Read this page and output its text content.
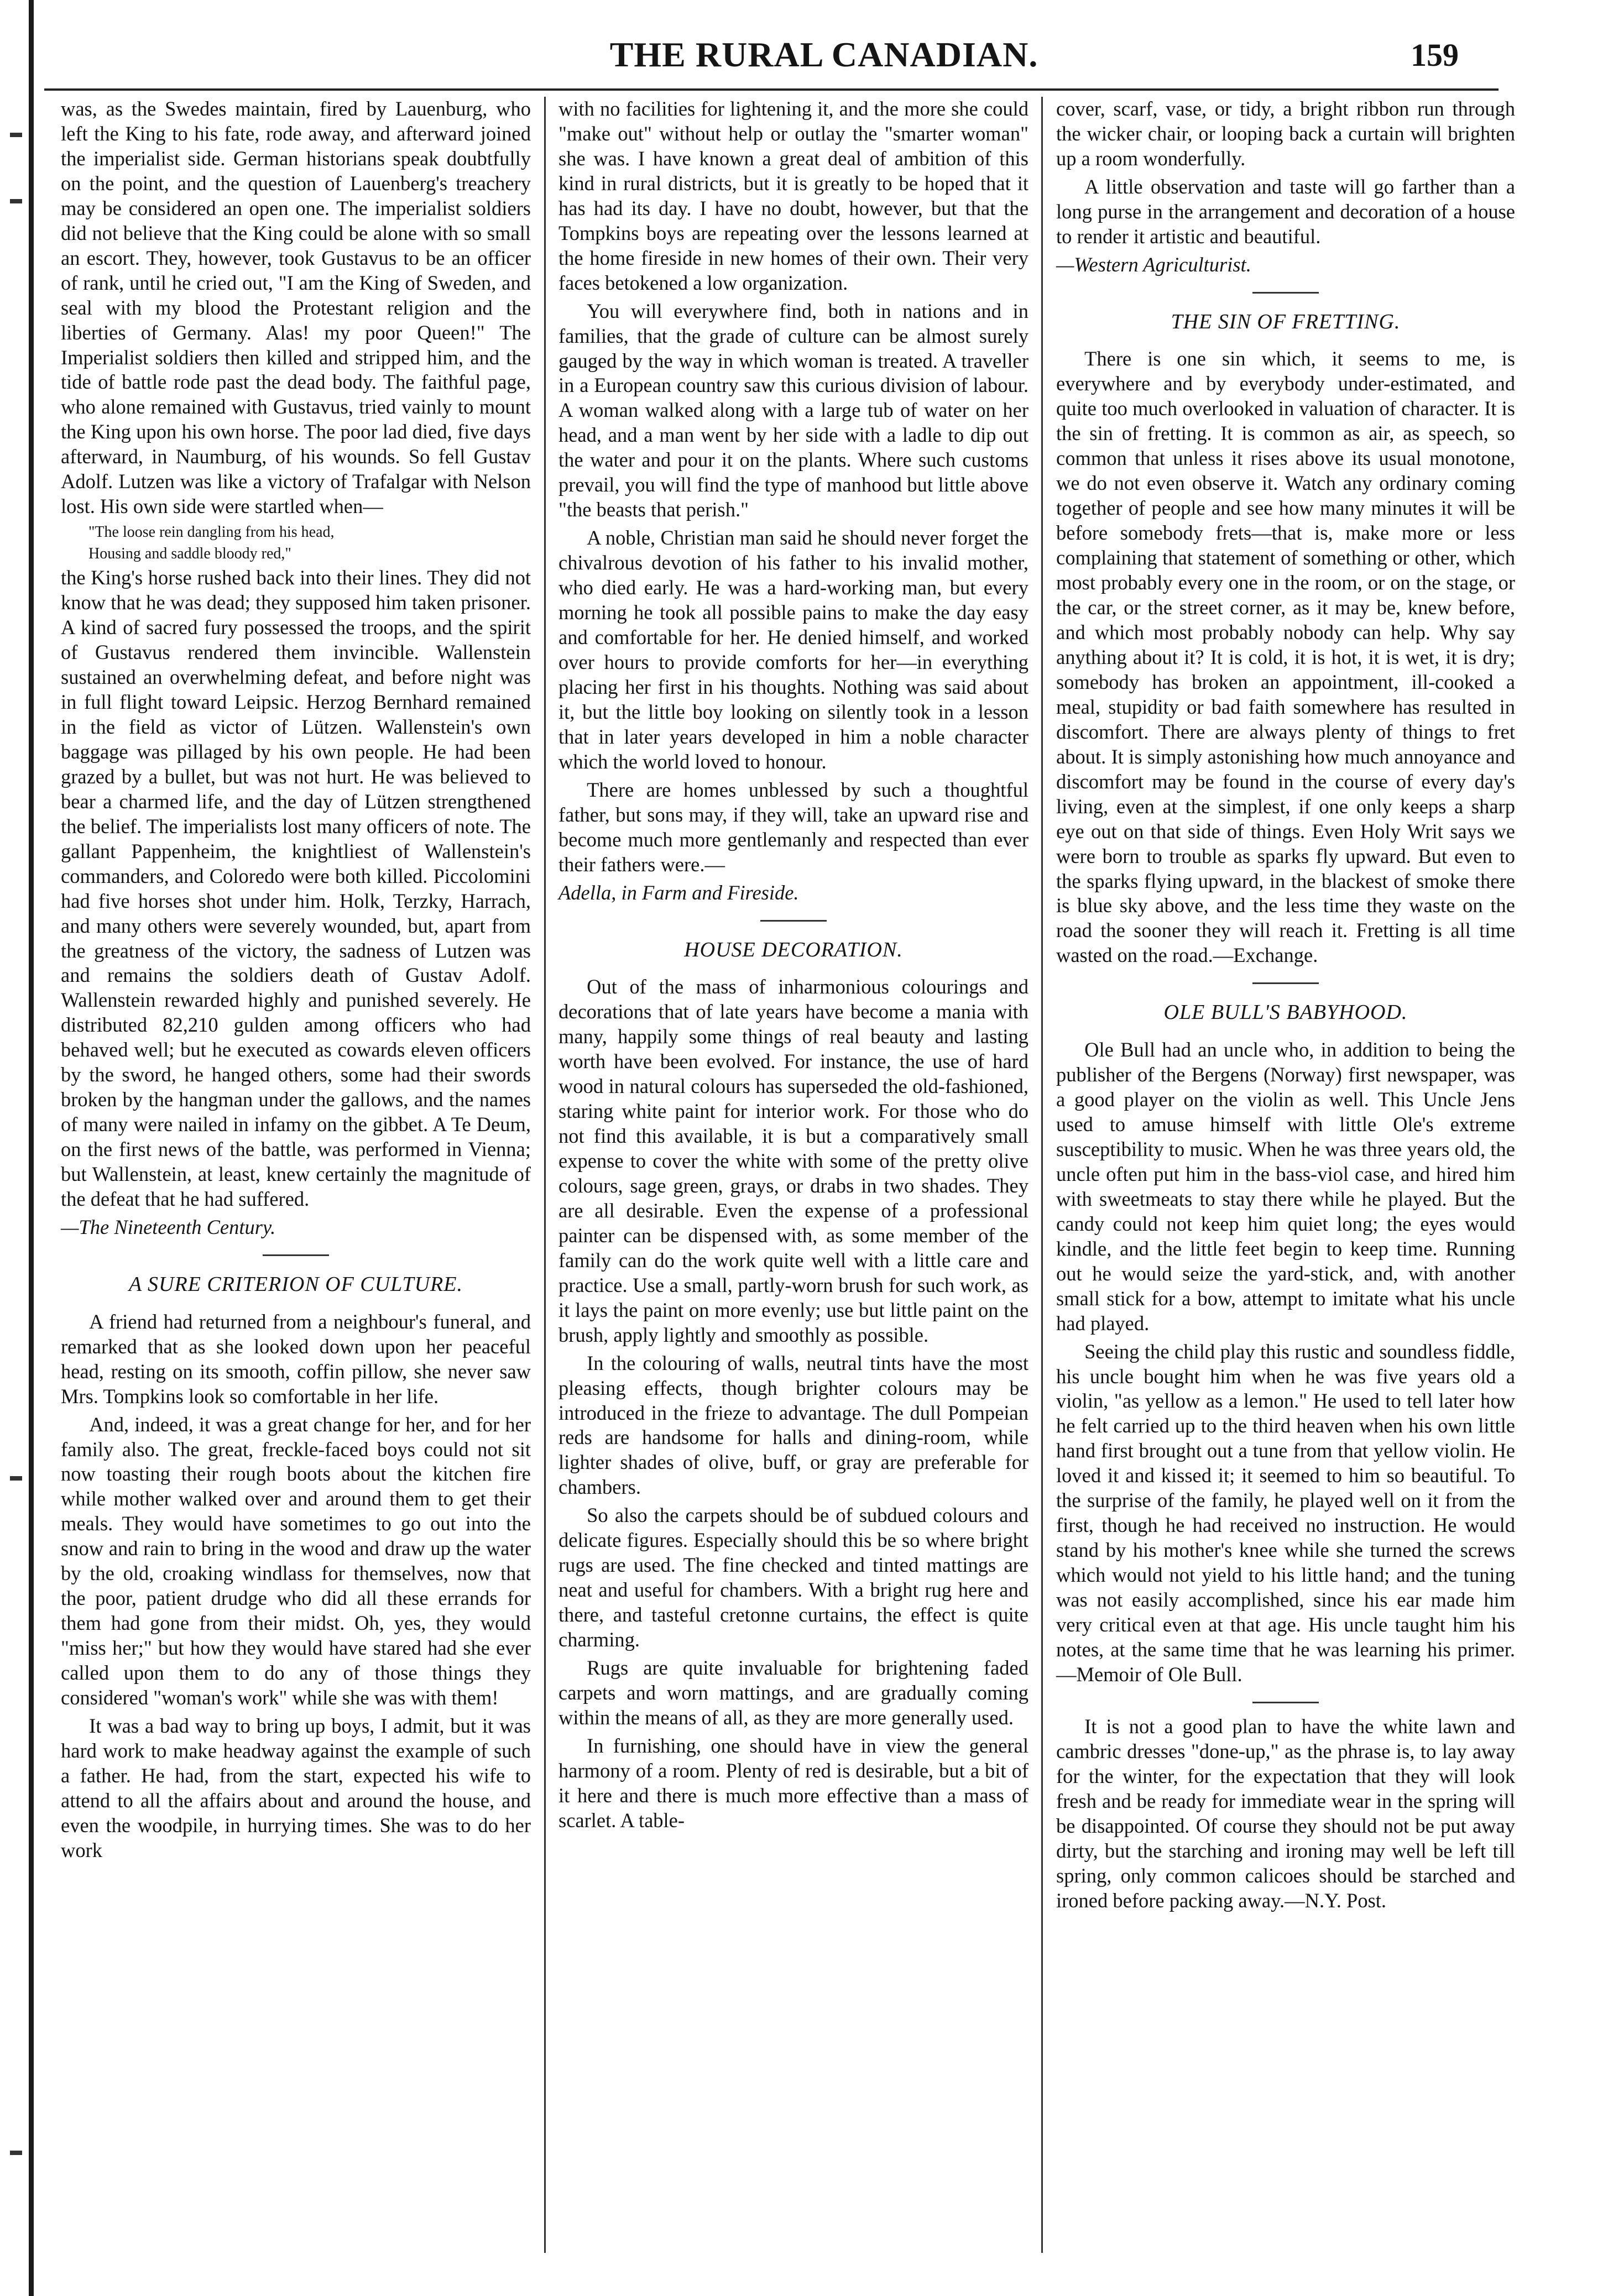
THE RURAL CANADIAN.	159

was, as the Swedes maintain, fired by Lauenburg, who left the King to his fate, rode away, and afterward joined the imperialist side. German historians speak doubtfully on the point, and the question of Lauenberg's treachery may be considered an open one. The imperialist soldiers did not believe that the King could be alone with so small an escort. They, however, took Gustavus to be an officer of rank, until he cried out, "I am the King of Sweden, and seal with my blood the Protestant religion and the liberties of Germany. Alas! my poor Queen!" The Imperialist soldiers then killed and stripped him, and the tide of battle rode past the dead body. The faithful page, who alone remained with Gustavus, tried vainly to mount the King upon his own horse. The poor lad died, five days afterward, in Naumburg, of his wounds. So fell Gustav Adolf. Lutzen was like a victory of Trafalgar with Nelson lost. His own side were startled when—

"The loose rein dangling from his head,

Housing and saddle bloody red,"

the King's horse rushed back into their lines. They did not know that he was dead; they supposed him taken prisoner. A kind of sacred fury possessed the troops, and the spirit of Gustavus rendered them invincible. Wallenstein sustained an overwhelming defeat, and before night was in full flight toward Leipsic. Herzog Bernhard remained in the field as victor of Lützen. Wallenstein's own baggage was pillaged by his own people. He had been grazed by a bullet, but was not hurt. He was believed to bear a charmed life, and the day of Lützen strengthened the belief. The imperialists lost many officers of note. The gallant Pappenheim, the knightliest of Wallenstein's commanders, and Coloredo were both killed. Piccolomini had five horses shot under him. Holk, Terzky, Harrach, and many others were severely wounded, but, apart from the greatness of the victory, the sadness of Lutzen was and remains the soldiers death of Gustav Adolf. Wallenstein rewarded highly and punished severely. He distributed 82,210 gulden among officers who had behaved well; but he executed as cowards eleven officers by the sword, he hanged others, some had their swords broken by the hangman under the gallows, and the names of many were nailed in infamy on the gibbet. A Te Deum, on the first news of the battle, was performed in Vienna; but Wallenstein, at least, knew certainly the magnitude of the defeat that he had suffered.

—The Nineteenth Century.

A SURE CRITERION OF CULTURE.

A friend had returned from a neighbour's funeral, and remarked that as she looked down upon her peaceful head, resting on its smooth, coffin pillow, she never saw Mrs. Tompkins look so comfortable in her life.

And, indeed, it was a great change for her, and for her family also. The great, freckle-faced boys could not sit now toasting their rough boots about the kitchen fire while mother walked over and around them to get their meals. They would have sometimes to go out into the snow and rain to bring in the wood and draw up the water by the old, croaking windlass for themselves, now that the poor, patient drudge who did all these errands for them had gone from their midst. Oh, yes, they would "miss her;" but how they would have stared had she ever called upon them to do any of those things they considered "woman's work" while she was with them!

It was a bad way to bring up boys, I admit, but it was hard work to make headway against the example of such a father. He had, from the start, expected his wife to attend to all the affairs about and around the house, and even the woodpile, in hurrying times. She was to do her work

with no facilities for lightening it, and the more she could "make out" without help or outlay the "smarter woman" she was. I have known a great deal of ambition of this kind in rural districts, but it is greatly to be hoped that it has had its day. I have no doubt, however, but that the Tompkins boys are repeating over the lessons learned at the home fireside in new homes of their own. Their very faces betokened a low organization.

You will everywhere find, both in nations and in families, that the grade of culture can be almost surely gauged by the way in which woman is treated. A traveller in a European country saw this curious division of labour. A woman walked along with a large tub of water on her head, and a man went by her side with a ladle to dip out the water and pour it on the plants. Where such customs prevail, you will find the type of manhood but little above "the beasts that perish."

A noble, Christian man said he should never forget the chivalrous devotion of his father to his invalid mother, who died early. He was a hard-working man, but every morning he took all possible pains to make the day easy and comfortable for her. He denied himself, and worked over hours to provide comforts for her—in everything placing her first in his thoughts. Nothing was said about it, but the little boy looking on silently took in a lesson that in later years developed in him a noble character which the world loved to honour.

There are homes unblessed by such a thoughtful father, but sons may, if they will, take an upward rise and become much more gentlemanly and respected than ever their fathers were.—

Adella, in Farm and Fireside.

HOUSE DECORATION.

Out of the mass of inharmonious colourings and decorations that of late years have become a mania with many, happily some things of real beauty and lasting worth have been evolved. For instance, the use of hard wood in natural colours has superseded the old-fashioned, staring white paint for interior work. For those who do not find this available, it is but a comparatively small expense to cover the white with some of the pretty olive colours, sage green, grays, or drabs in two shades. They are all desirable. Even the expense of a professional painter can be dispensed with, as some member of the family can do the work quite well with a little care and practice. Use a small, partly-worn brush for such work, as it lays the paint on more evenly; use but little paint on the brush, apply lightly and smoothly as possible.

In the colouring of walls, neutral tints have the most pleasing effects, though brighter colours may be introduced in the frieze to advantage. The dull Pompeian reds are handsome for halls and dining-room, while lighter shades of olive, buff, or gray are preferable for chambers.

So also the carpets should be of subdued colours and delicate figures. Especially should this be so where bright rugs are used. The fine checked and tinted mattings are neat and useful for chambers. With a bright rug here and there, and tasteful cretonne curtains, the effect is quite charming.

Rugs are quite invaluable for brightening faded carpets and worn mattings, and are gradually coming within the means of all, as they are more generally used.

In furnishing, one should have in view the general harmony of a room. Plenty of red is desirable, but a bit of it here and there is much more effective than a mass of scarlet. A table-

cover, scarf, vase, or tidy, a bright ribbon run through the wicker chair, or looping back a curtain will brighten up a room wonderfully.

A little observation and taste will go farther than a long purse in the arrangement and decoration of a house to render it artistic and beautiful.

—Western Agriculturist.

THE SIN OF FRETTING.

There is one sin which, it seems to me, is everywhere and by everybody under-estimated, and quite too much overlooked in valuation of character. It is the sin of fretting. It is common as air, as speech, so common that unless it rises above its usual monotone, we do not even observe it. Watch any ordinary coming together of people and see how many minutes it will be before somebody frets—that is, make more or less complaining that statement of something or other, which most probably every one in the room, or on the stage, or the car, or the street corner, as it may be, knew before, and which most probably nobody can help. Why say anything about it? It is cold, it is hot, it is wet, it is dry; somebody has broken an appointment, ill-cooked a meal, stupidity or bad faith somewhere has resulted in discomfort. There are always plenty of things to fret about. It is simply astonishing how much annoyance and discomfort may be found in the course of every day's living, even at the simplest, if one only keeps a sharp eye out on that side of things. Even Holy Writ says we were born to trouble as sparks fly upward. But even to the sparks flying upward, in the blackest of smoke there is blue sky above, and the less time they waste on the road the sooner they will reach it. Fretting is all time wasted on the road.—Exchange.

OLE BULL'S BABYHOOD.

Ole Bull had an uncle who, in addition to being the publisher of the Bergens (Norway) first newspaper, was a good player on the violin as well. This Uncle Jens used to amuse himself with little Ole's extreme susceptibility to music. When he was three years old, the uncle often put him in the bass-viol case, and hired him with sweetmeats to stay there while he played. But the candy could not keep him quiet long; the eyes would kindle, and the little feet begin to keep time. Running out he would seize the yard-stick, and, with another small stick for a bow, attempt to imitate what his uncle had played.

Seeing the child play this rustic and soundless fiddle, his uncle bought him when he was five years old a violin, "as yellow as a lemon." He used to tell later how he felt carried up to the third heaven when his own little hand first brought out a tune from that yellow violin. He loved it and kissed it; it seemed to him so beautiful. To the surprise of the family, he played well on it from the first, though he had received no instruction. He would stand by his mother's knee while she turned the screws which would not yield to his little hand; and the tuning was not easily accomplished, since his ear made him very critical even at that age. His uncle taught him his notes, at the same time that he was learning his primer.—Memoir of Ole Bull.

It is not a good plan to have the white lawn and cambric dresses "done-up," as the phrase is, to lay away for the winter, for the expectation that they will look fresh and be ready for immediate wear in the spring will be disappointed. Of course they should not be put away dirty, but the starching and ironing may well be left till spring, only common calicoes should be starched and ironed before packing away.—N.Y. Post.
